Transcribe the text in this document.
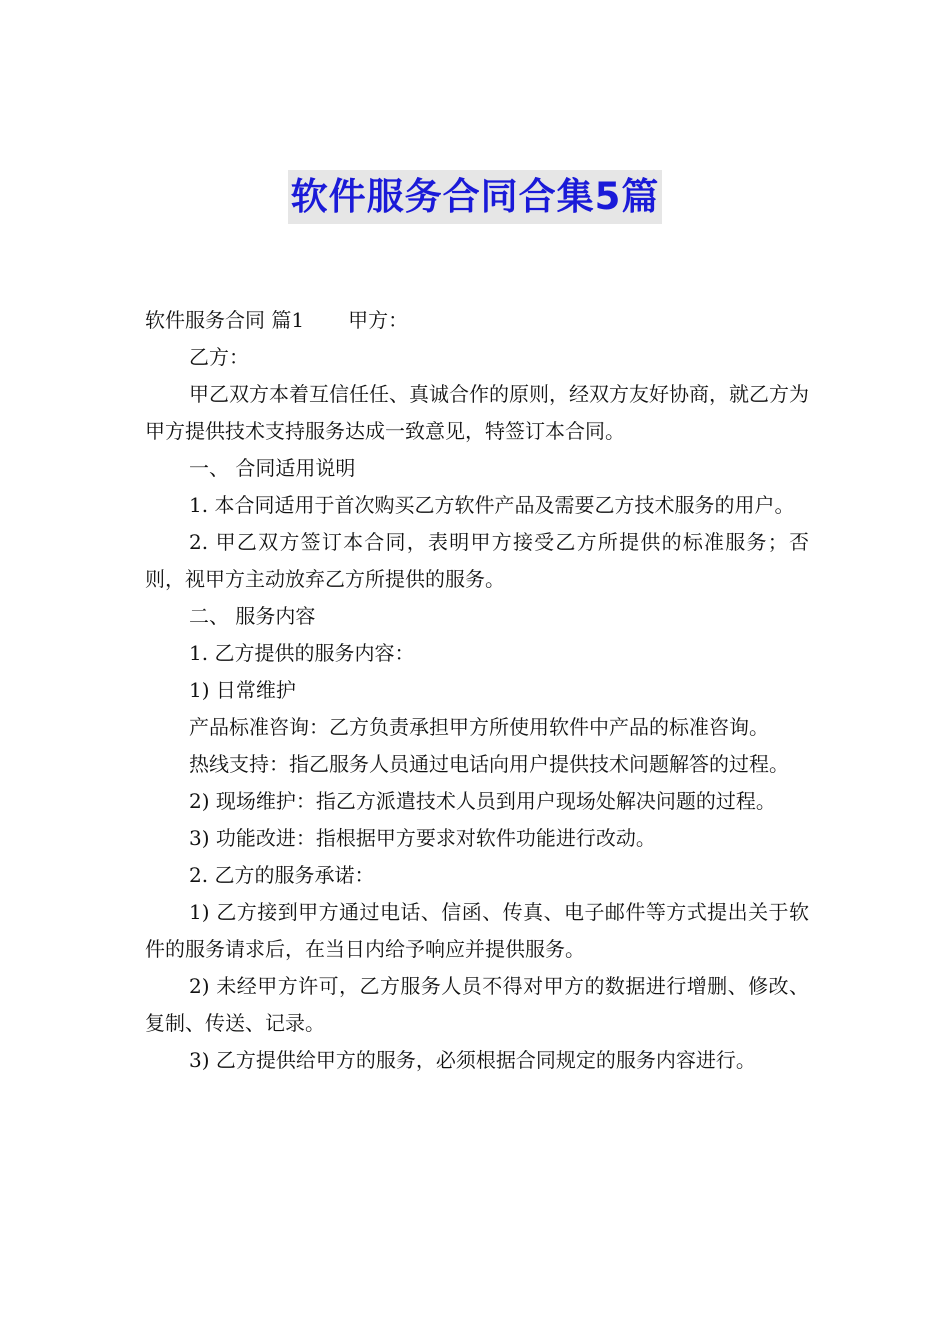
软件服务合同合集5篇

软件服务合同 篇1 甲方：

乙方：

甲乙双方本着互信任任、真诚合作的原则，经双方友好协商，就乙方为甲方提供技术支持服务达成一致意见，特签订本合同。

一、 合同适用说明

1. 本合同适用于首次购买乙方软件产品及需要乙方技术服务的用户。

2. 甲乙双方签订本合同，表明甲方接受乙方所提供的标准服务；否则，视甲方主动放弃乙方所提供的服务。

二、 服务内容

1. 乙方提供的服务内容：

1) 日常维护

产品标准咨询：乙方负责承担甲方所使用软件中产品的标准咨询。

热线支持：指乙服务人员通过电话向用户提供技术问题解答的过程。

2) 现场维护：指乙方派遣技术人员到用户现场处解决问题的过程。

3) 功能改进：指根据甲方要求对软件功能进行改动。

2. 乙方的服务承诺：

1) 乙方接到甲方通过电话、信函、传真、电子邮件等方式提出关于软件的服务请求后，在当日内给予响应并提供服务。

2) 未经甲方许可，乙方服务人员不得对甲方的数据进行增删、修改、复制、传送、记录。

3) 乙方提供给甲方的服务，必须根据合同规定的服务内容进行。
